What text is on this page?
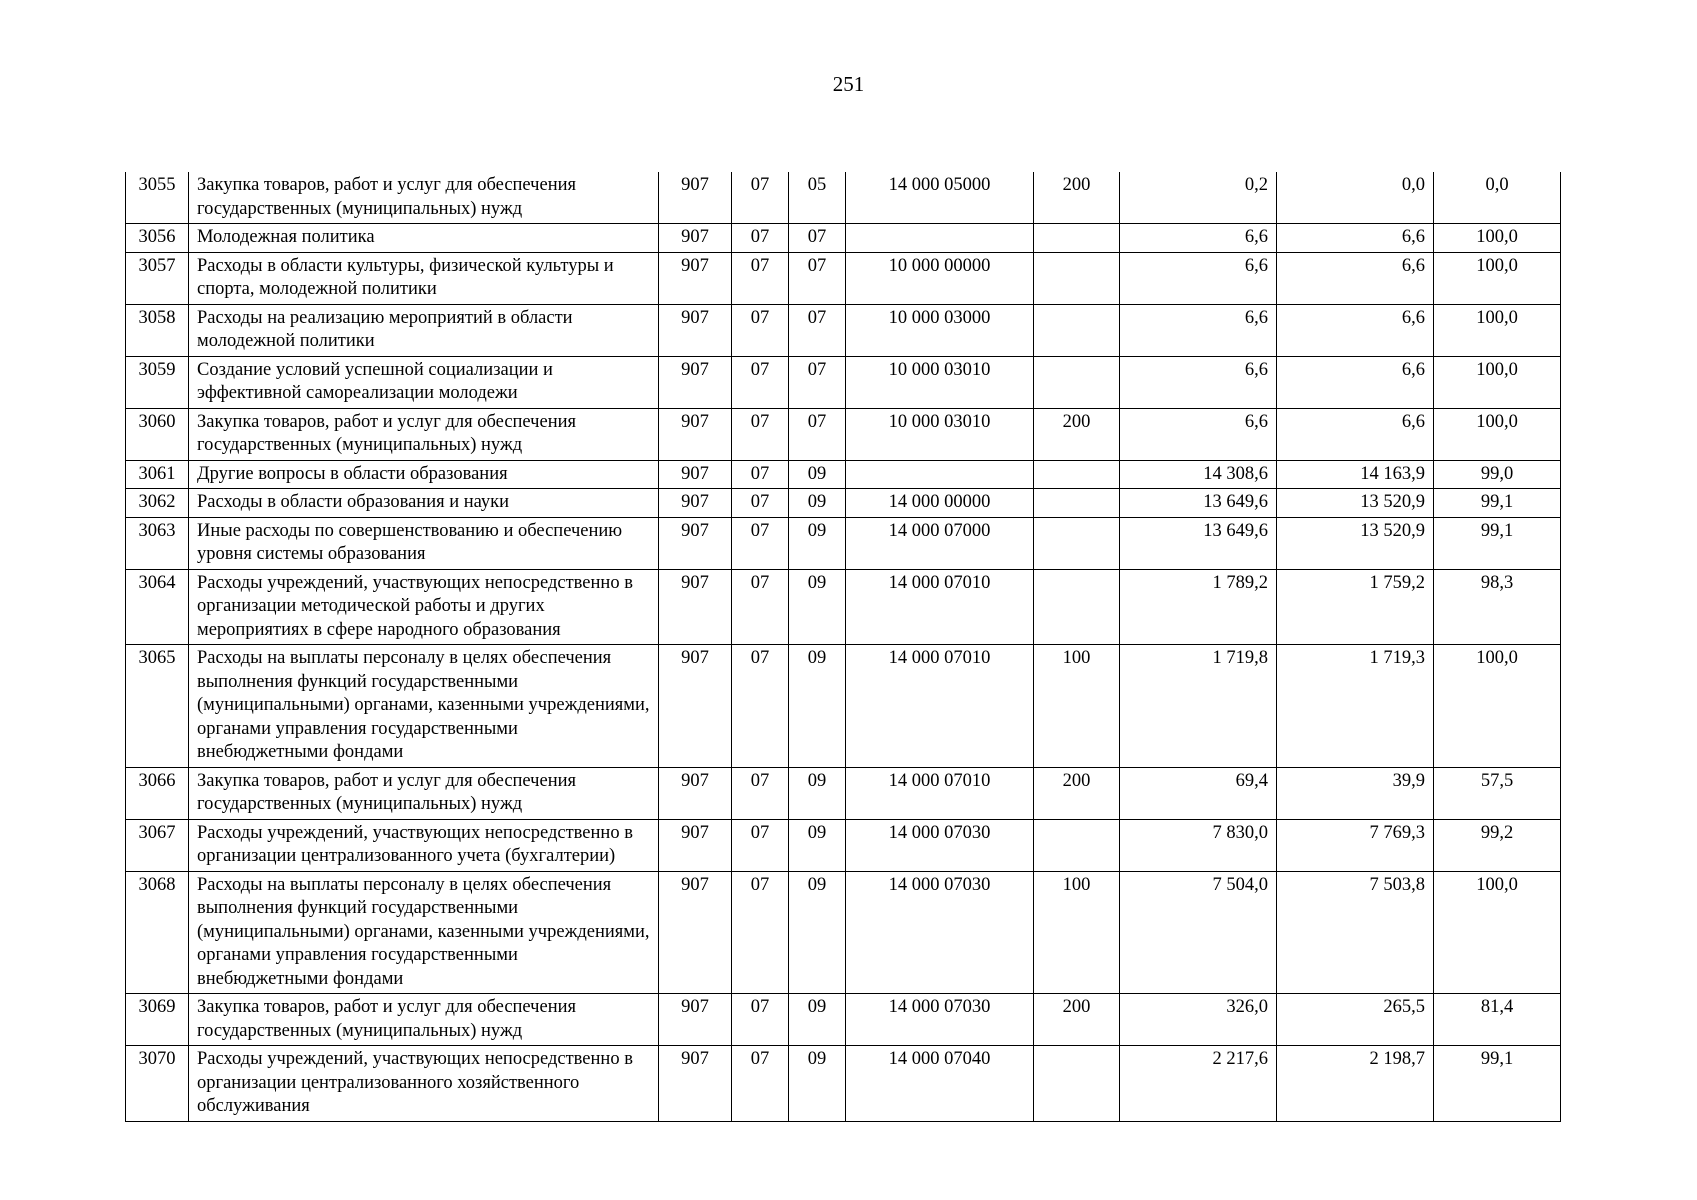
251
3055	Закупка товаров, работ и услуг для обеспечения государственных (муниципальных) нужд	907	07	05	14 000 05000	200	0,2	0,0	0,0
3056	Молодежная политика	907	07	07			6,6	6,6	100,0
3057	Расходы в области культуры, физической культуры и спорта, молодежной политики	907	07	07	10 000 00000		6,6	6,6	100,0
3058	Расходы на реализацию мероприятий в области молодежной политики	907	07	07	10 000 03000		6,6	6,6	100,0
3059	Создание условий успешной социализации и эффективной самореализации молодежи	907	07	07	10 000 03010		6,6	6,6	100,0
3060	Закупка товаров, работ и услуг для обеспечения государственных (муниципальных) нужд	907	07	07	10 000 03010	200	6,6	6,6	100,0
3061	Другие вопросы в области образования	907	07	09			14 308,6	14 163,9	99,0
3062	Расходы в области образования и науки	907	07	09	14 000 00000		13 649,6	13 520,9	99,1
3063	Иные расходы по совершенствованию и обеспечению уровня системы образования	907	07	09	14 000 07000		13 649,6	13 520,9	99,1
3064	Расходы учреждений, участвующих непосредственно в организации методической работы и других мероприятиях в сфере народного образования	907	07	09	14 000 07010		1 789,2	1 759,2	98,3
3065	Расходы на выплаты персоналу в целях обеспечения выполнения функций государственными (муниципальными) органами, казенными учреждениями, органами управления государственными внебюджетными фондами	907	07	09	14 000 07010	100	1 719,8	1 719,3	100,0
3066	Закупка товаров, работ и услуг для обеспечения государственных (муниципальных) нужд	907	07	09	14 000 07010	200	69,4	39,9	57,5
3067	Расходы учреждений, участвующих непосредственно в организации централизованного учета (бухгалтерии)	907	07	09	14 000 07030		7 830,0	7 769,3	99,2
3068	Расходы на выплаты персоналу в целях обеспечения выполнения функций государственными (муниципальными) органами, казенными учреждениями, органами управления государственными внебюджетными фондами	907	07	09	14 000 07030	100	7 504,0	7 503,8	100,0
3069	Закупка товаров, работ и услуг для обеспечения государственных (муниципальных) нужд	907	07	09	14 000 07030	200	326,0	265,5	81,4
3070	Расходы учреждений, участвующих непосредственно в организации централизованного хозяйственного обслуживания	907	07	09	14 000 07040		2 217,6	2 198,7	99,1
